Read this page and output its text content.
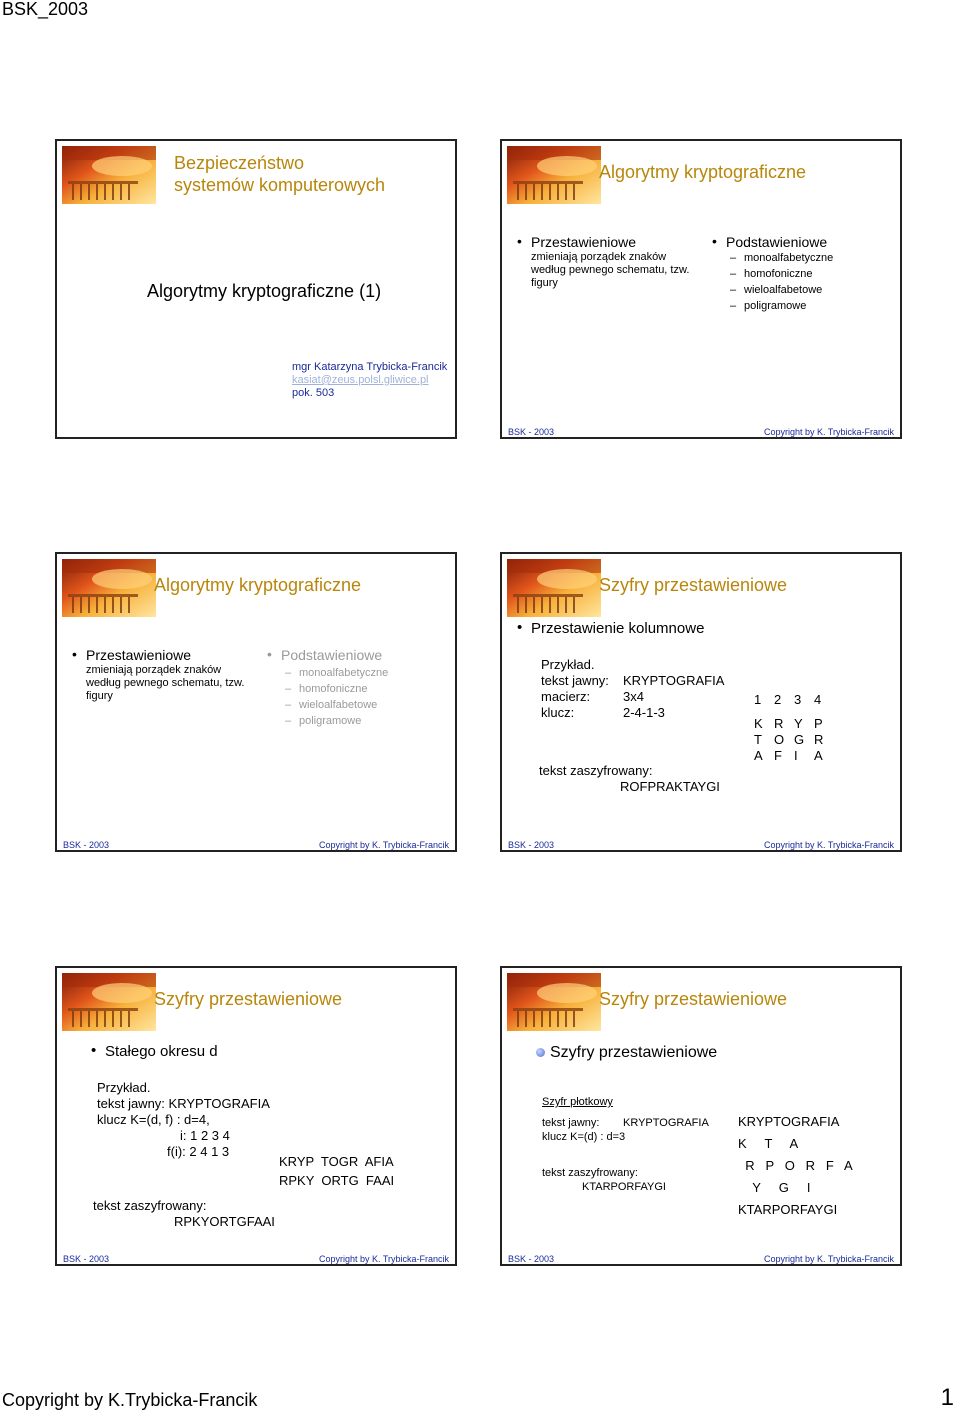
BSK_2003
Bezpieczeństwo
systemów komputerowych
Algorytmy kryptograficzne (1)
mgr Katarzyna Trybicka-Francik
kasiat@zeus.polsl.gliwice.pl
pok. 503
Algorytmy kryptograficzne
• Przestawieniowe
zmieniają porządek znaków
według pewnego schematu, tzw.
figury
• Podstawieniowe
– monoalfabetyczne
– homofoniczne
– wieloalfabetowe
– poligramowe
BSK - 2003	Copyright by K. Trybicka-Francik
Algorytmy kryptograficzne
• Przestawieniowe
zmieniają porządek znaków
według pewnego schematu, tzw.
figury
• Podstawieniowe
– monoalfabetyczne
– homofoniczne
– wieloalfabetowe
– poligramowe
BSK - 2003	Copyright by K. Trybicka-Francik
Szyfry przestawieniowe
• Przestawienie kolumnowe
Przykład.
tekst jawny: KRYPTOGRAFIA
macierz:	3x4
klucz:	2-4-1-3
tekst zaszyfrowany:
ROFPRAKTAYGI
1 2 3 4
K R Y P
T O G R
A F I	A
BSK - 2003	Copyright by K. Trybicka-Francik
Szyfry przestawieniowe
• Stałego okresu d
Przykład.
tekst jawny: KRYPTOGRAFIA
klucz K=(d, f) : d=4,
i: 1 2 3 4
f(i): 2 4 1 3
KRYP  TOGR  AFIA
RPKY  ORTG  FAAI
tekst zaszyfrowany:
RPKYORTGFAAI
BSK - 2003	Copyright by K. Trybicka-Francik
Szyfry przestawieniowe
Szyfry przestawieniowe
Szyfr płotkowy
tekst jawny: KRYPTOGRAFIA
klucz K=(d) : d=3
tekst zaszyfrowany:
KTARPORFAYGI
KRYPTOGRAFIA
K     T     A
R   P   O   R   F   A
Y     G     I
KTARPORFAYGI
BSK - 2003	Copyright by K. Trybicka-Francik
Copyright by K.Trybicka-Francik	1
